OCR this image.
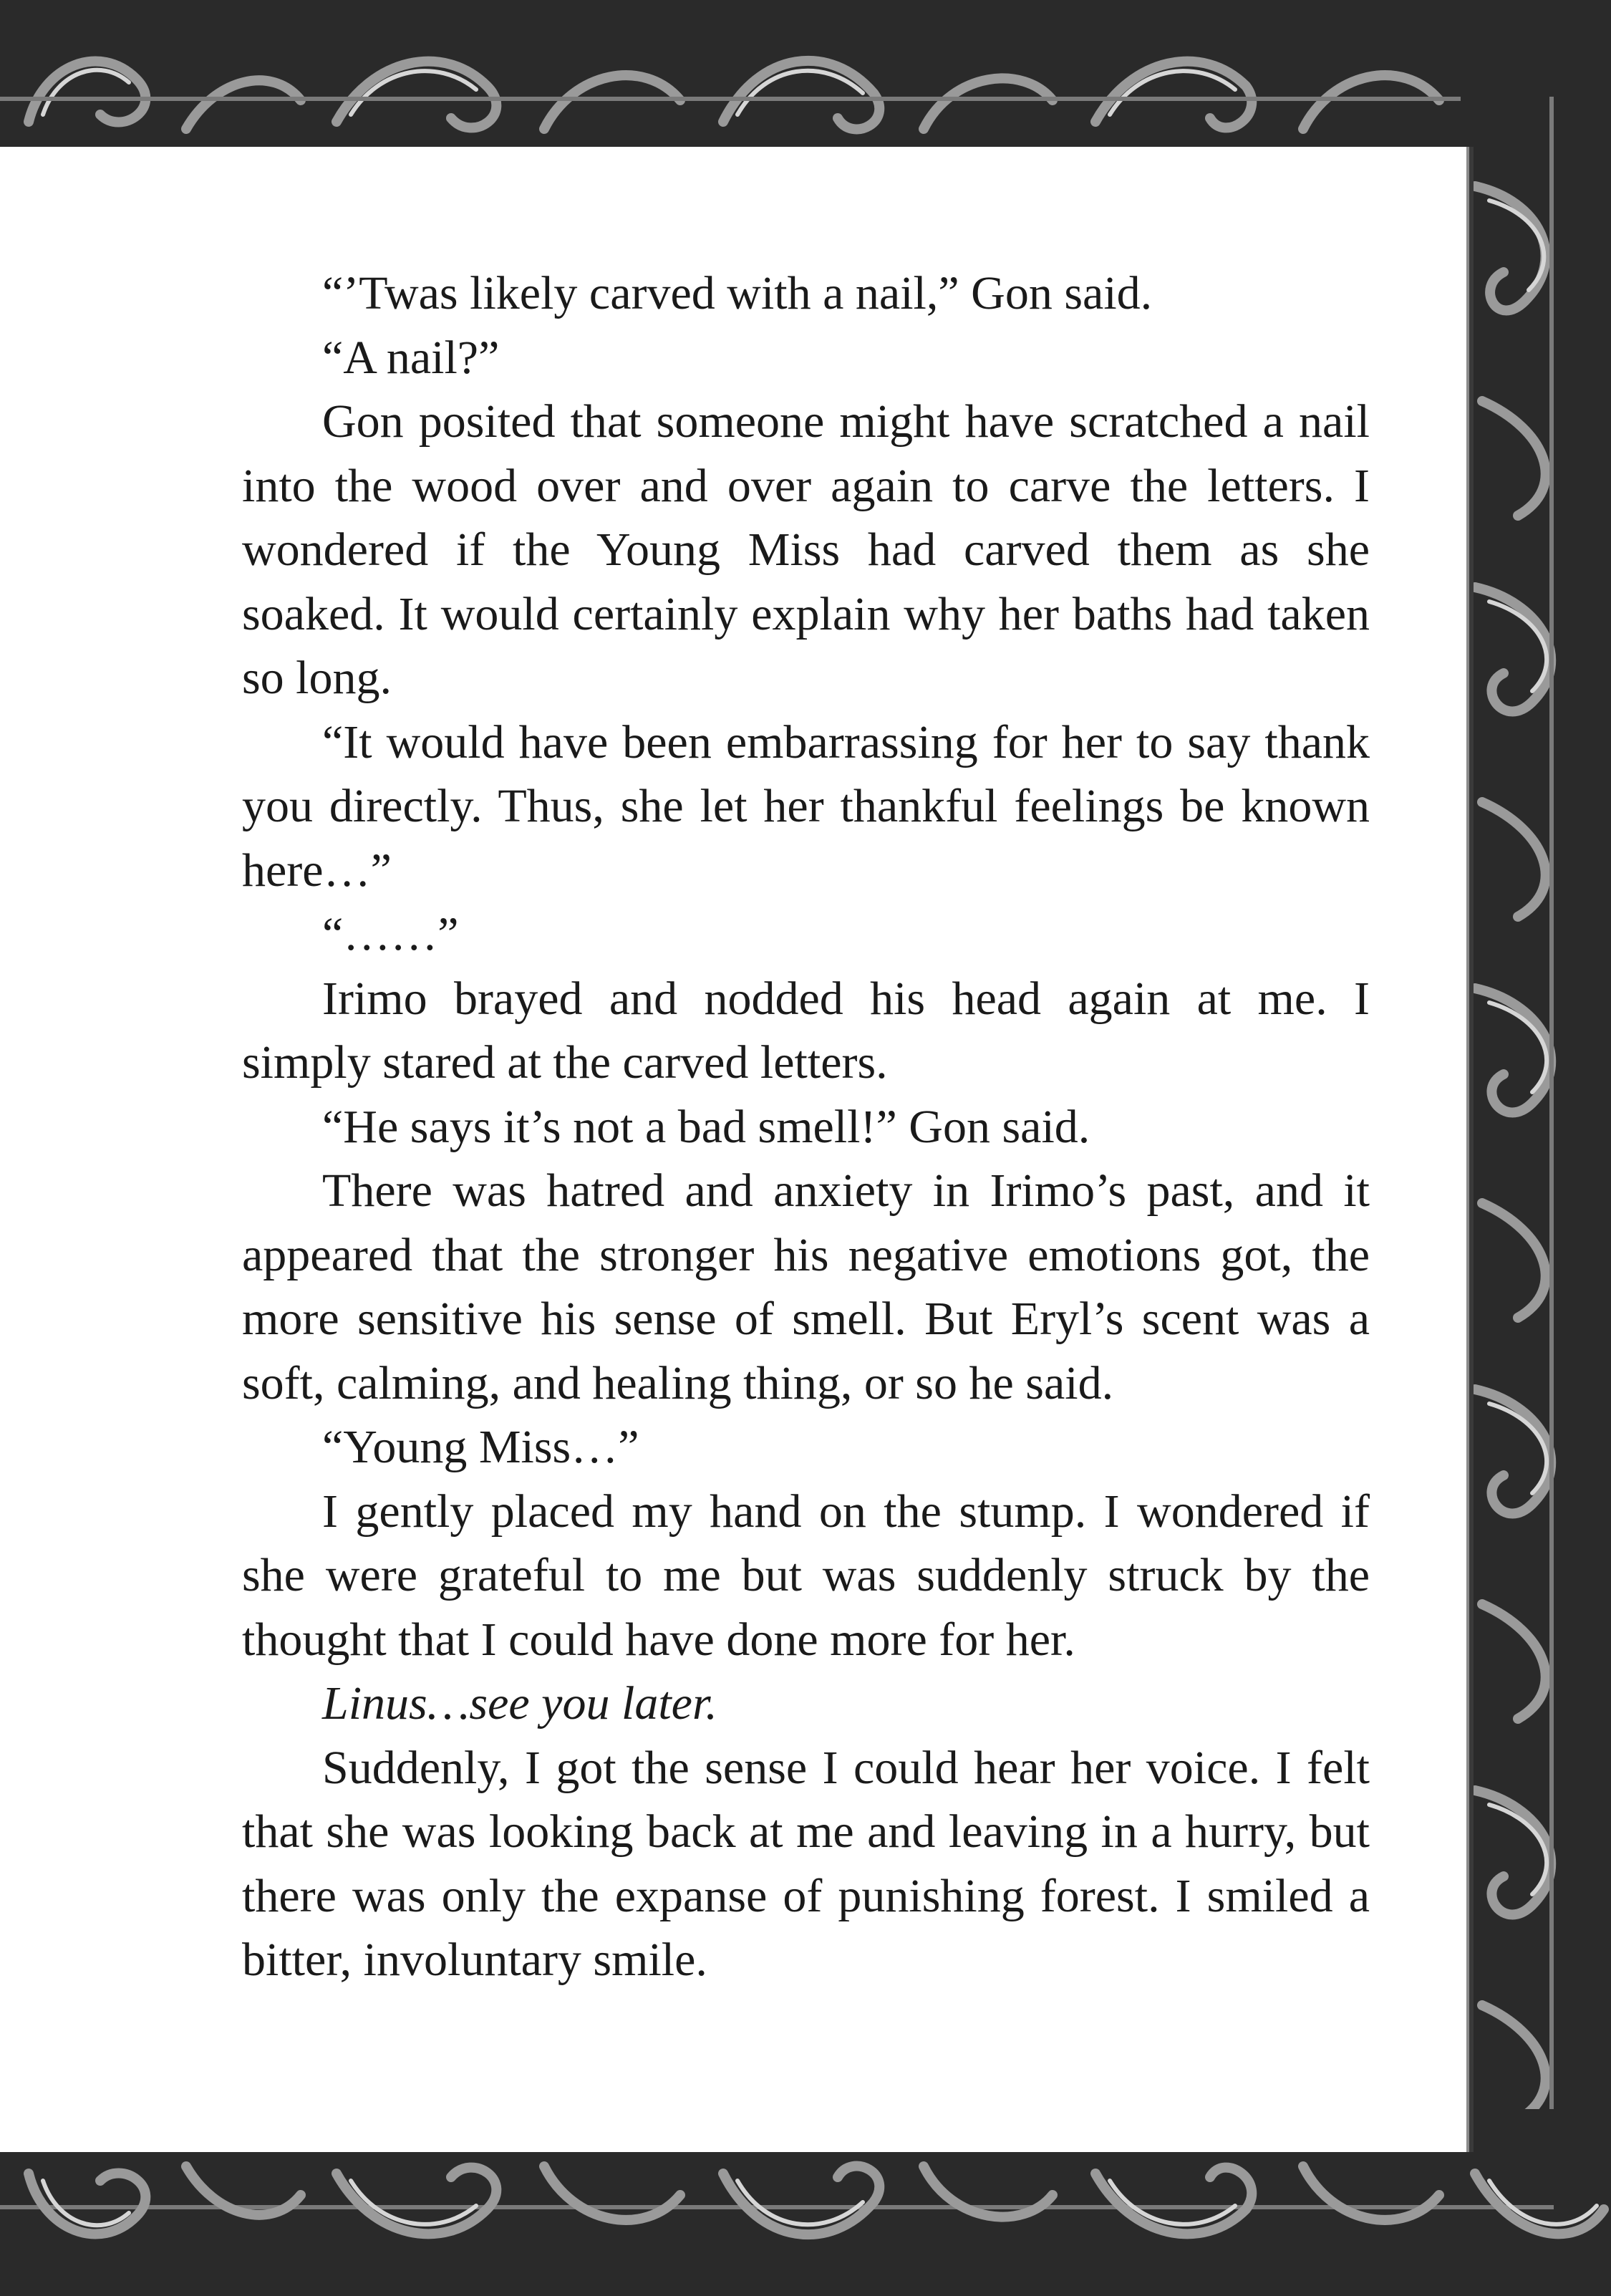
“’Twas likely carved with a nail,” Gon said.

“A nail?”

Gon posited that someone might have scratched a nail into the wood over and over again to carve the letters. I wondered if the Young Miss had carved them as she soaked. It would certainly explain why her baths had taken so long.

“It would have been embarrassing for her to say thank you directly. Thus, she let her thankful feelings be known here…”

“……”

Irimo brayed and nodded his head again at me. I simply stared at the carved letters.

“He says it’s not a bad smell!” Gon said.

There was hatred and anxiety in Irimo’s past, and it appeared that the stronger his negative emotions got, the more sensitive his sense of smell. But Eryl’s scent was a soft, calming, and healing thing, or so he said.

“Young Miss…”

I gently placed my hand on the stump. I wondered if she were grateful to me but was suddenly struck by the thought that I could have done more for her.

Linus…see you later.

Suddenly, I got the sense I could hear her voice. I felt that she was looking back at me and leaving in a hurry, but there was only the expanse of punishing forest. I smiled a bitter, involuntary smile.
